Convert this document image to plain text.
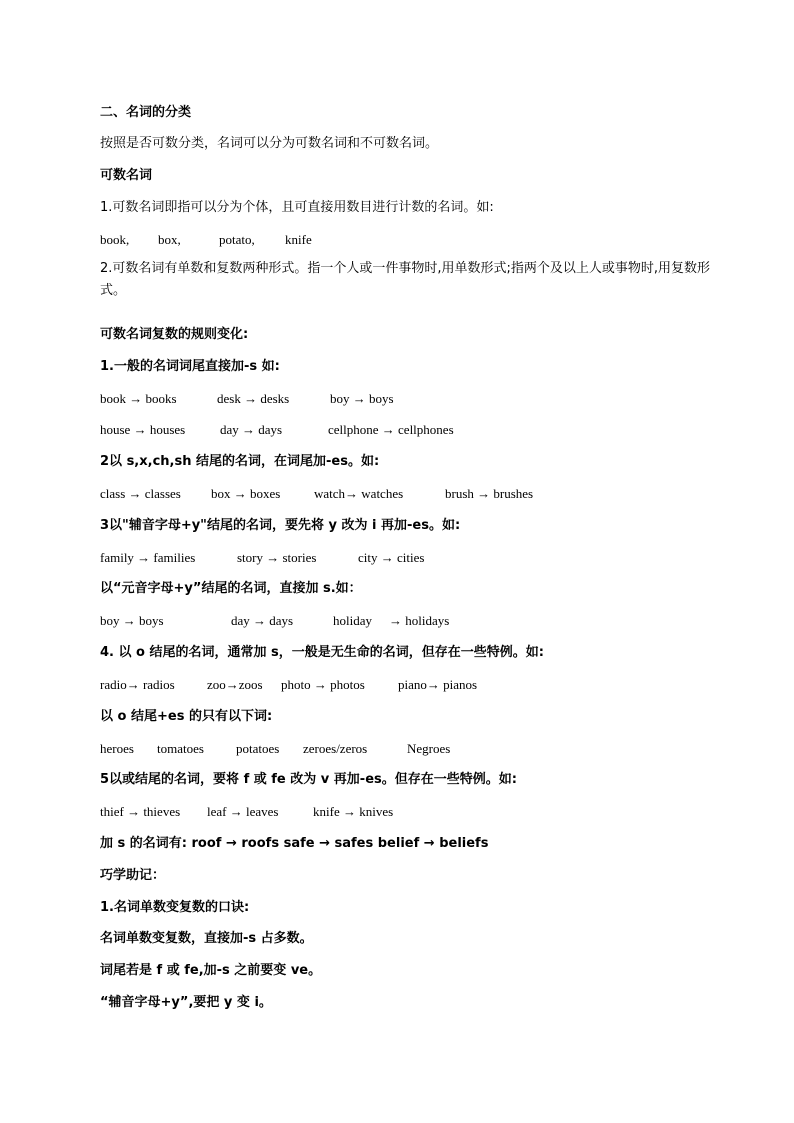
二、名词的分类

按照是否可数分类，名词可以分为可数名词和不可数名词。

可数名词

1.可数名词即指可以分为个体，且可直接用数目进行计数的名词。如:

book,	box,	potato,	knife

2.可数名词有单数和复数两种形式。指一个人或一件事物时,用单数形式;指两个及以上人或事物时,用复数形式。

可数名词复数的规则变化:

1.一般的名词词尾直接加-s 如:

book → books	desk → desks	boy → boys
house → houses	day → days	cellphone → cellphones

2以 s,x,ch,sh 结尾的名词，在词尾加-es。如:

class → classes	box → boxes	watch→ watches	brush → brushes

3以"辅音字母+y"结尾的名词，要先将 y 改为 i 再加-es。如:

family → families	story → stories	city → cities

以“元音字母+y”结尾的名词，直接加 s.如：

boy → boys	day → days	holiday	→ holidays

4. 以 o 结尾的名词，通常加 s，一般是无生命的名词，但存在一些特例。如:

radio→ radios	zoo→zoos	photo → photos	piano→ pianos

以 o 结尾+es 的只有以下词:

heroes	tomatoes	potatoes	zeroes/zeros	Negroes

5以或结尾的名词，要将 f 或 fe 改为 v 再加-es。但存在一些特例。如:

thief → thieves	leaf → leaves	knife → knives

加 s 的名词有: roof → roofs safe → safes belief → beliefs

巧学助记：

1.名词单数变复数的口诀:

名词单数变复数，直接加-s 占多数。

词尾若是 f 或 fe,加-s 之前要变 ve。

“辅音字母+y”,要把 y 变 i。
